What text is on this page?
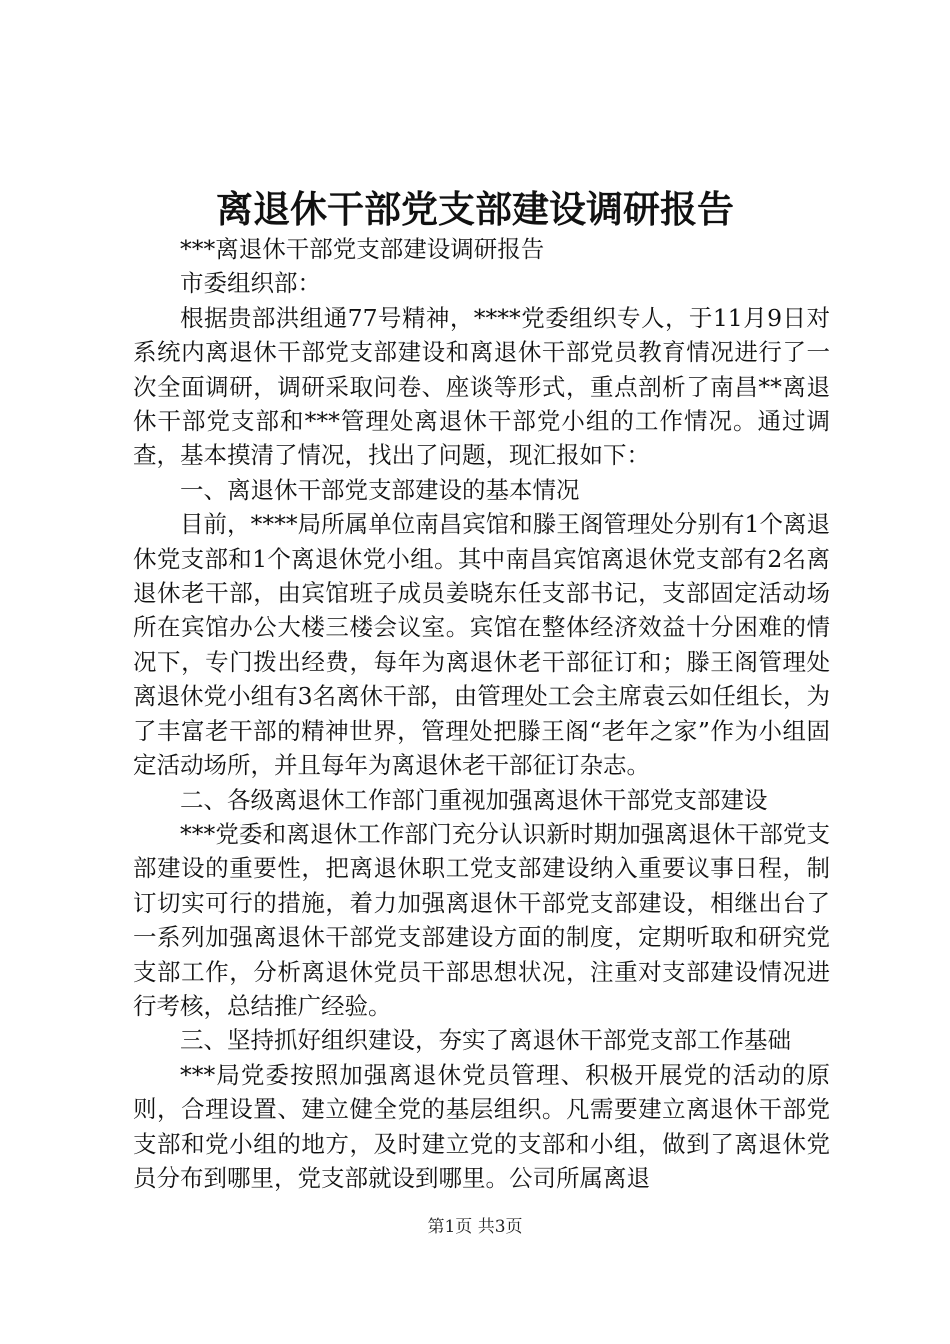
离退休干部党支部建设调研报告

***离退休干部党支部建设调研报告

市委组织部：

根据贵部洪组通77号精神，****党委组织专人，于11月9日对系统内离退休干部党支部建设和离退休干部党员教育情况进行了一次全面调研，调研采取问卷、座谈等形式，重点剖析了南昌**离退休干部党支部和***管理处离退休干部党小组的工作情况。通过调查，基本摸清了情况，找出了问题，现汇报如下：

一、离退休干部党支部建设的基本情况

目前，****局所属单位南昌宾馆和滕王阁管理处分别有1个离退休党支部和1个离退休党小组。其中南昌宾馆离退休党支部有2名离退休老干部，由宾馆班子成员姜晓东任支部书记，支部固定活动场所在宾馆办公大楼三楼会议室。宾馆在整体经济效益十分困难的情况下，专门拨出经费，每年为离退休老干部征订和；滕王阁管理处离退休党小组有3名离休干部，由管理处工会主席袁云如任组长，为了丰富老干部的精神世界，管理处把滕王阁“老年之家”作为小组固定活动场所，并且每年为离退休老干部征订杂志。

二、各级离退休工作部门重视加强离退休干部党支部建设

***党委和离退休工作部门充分认识新时期加强离退休干部党支部建设的重要性，把离退休职工党支部建设纳入重要议事日程，制订切实可行的措施，着力加强离退休干部党支部建设，相继出台了一系列加强离退休干部党支部建设方面的制度，定期听取和研究党支部工作，分析离退休党员干部思想状况，注重对支部建设情况进行考核，总结推广经验。

三、坚持抓好组织建设，夯实了离退休干部党支部工作基础

***局党委按照加强离退休党员管理、积极开展党的活动的原则，合理设置、建立健全党的基层组织。凡需要建立离退休干部党支部和党小组的地方，及时建立党的支部和小组，做到了离退休党员分布到哪里，党支部就设到哪里。公司所属离退

第1页 共3页
